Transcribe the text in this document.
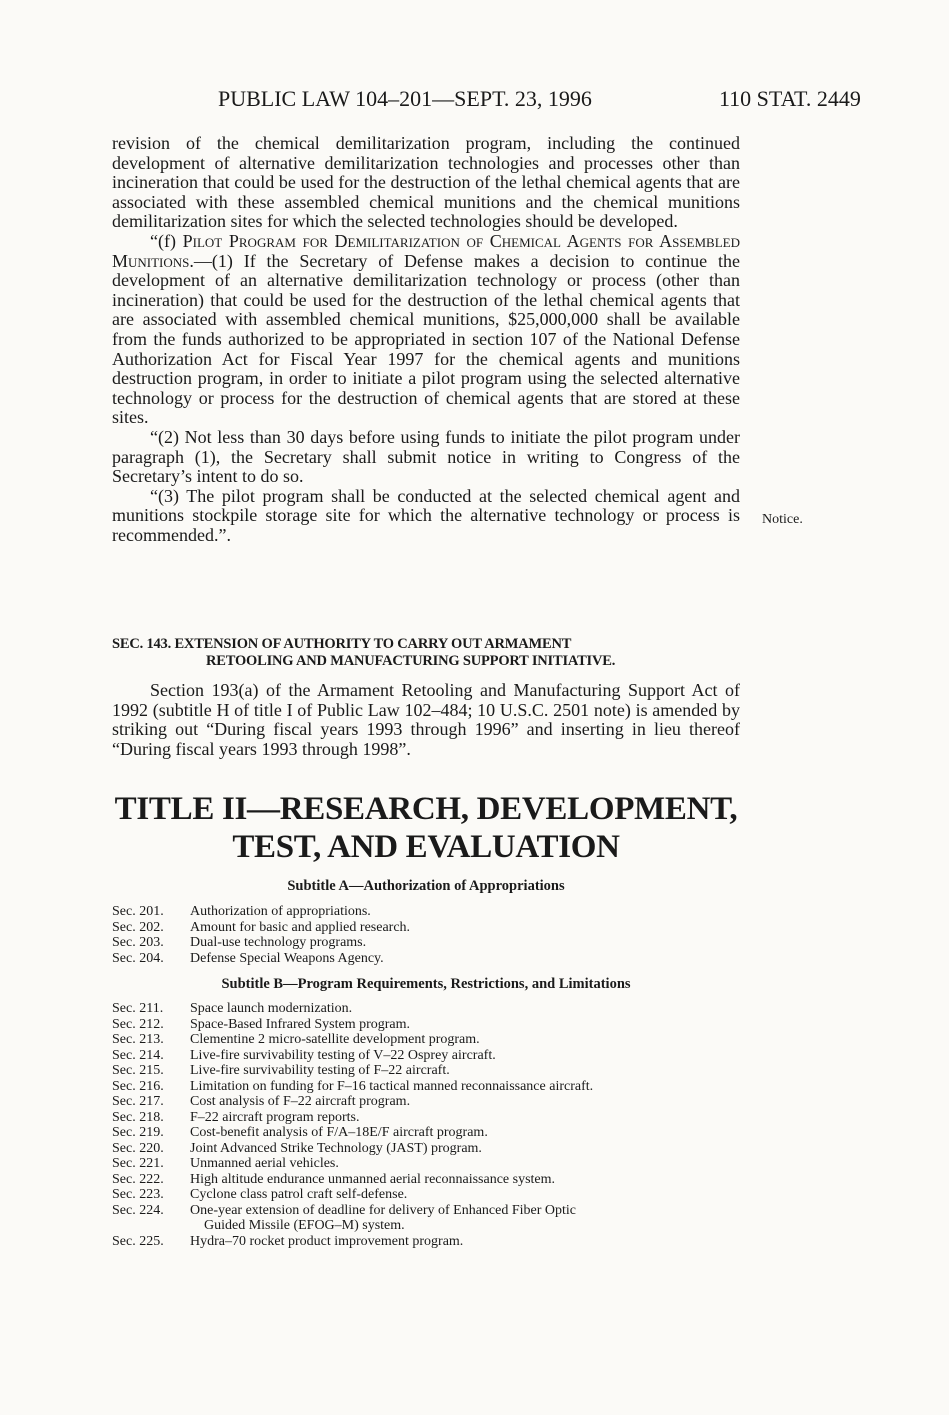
PUBLIC LAW 104–201—SEPT. 23, 1996	110 STAT. 2449

revision of the chemical demilitarization program, including the continued development of alternative demilitarization technologies and processes other than incineration that could be used for the destruction of the lethal chemical agents that are associated with these assembled chemical munitions and the chemical munitions demilitarization sites for which the selected technologies should be developed.

“(f) Pilot Program for Demilitarization of Chemical Agents for Assembled Munitions.—(1) If the Secretary of Defense makes a decision to continue the development of an alternative demilitarization technology or process (other than incineration) that could be used for the destruction of the lethal chemical agents that are associated with assembled chemical munitions, $25,000,000 shall be available from the funds authorized to be appropriated in section 107 of the National Defense Authorization Act for Fiscal Year 1997 for the chemical agents and munitions destruction program, in order to initiate a pilot program using the selected alternative technology or process for the destruction of chemical agents that are stored at these sites.

“(2) Not less than 30 days before using funds to initiate the pilot program under paragraph (1), the Secretary shall submit notice in writing to Congress of the Secretary’s intent to do so.

“(3) The pilot program shall be conducted at the selected chemical agent and munitions stockpile storage site for which the alternative technology or process is recommended.”.

Notice.
SEC. 143. EXTENSION OF AUTHORITY TO CARRY OUT ARMAMENT
RETOOLING AND MANUFACTURING SUPPORT INITIATIVE.

Section 193(a) of the Armament Retooling and Manufacturing Support Act of 1992 (subtitle H of title I of Public Law 102–484; 10 U.S.C. 2501 note) is amended by striking out “During fiscal years 1993 through 1996” and inserting in lieu thereof “During fiscal years 1993 through 1998”.

TITLE II—RESEARCH, DEVELOPMENT,
TEST, AND EVALUATION
Subtitle A—Authorization of Appropriations
Sec. 201.	Authorization of appropriations.
Sec. 202.	Amount for basic and applied research.
Sec. 203.	Dual-use technology programs.
Sec. 204.	Defense Special Weapons Agency.
Subtitle B—Program Requirements, Restrictions, and Limitations
Sec. 211.	Space launch modernization.
Sec. 212.	Space-Based Infrared System program.
Sec. 213.	Clementine 2 micro-satellite development program.
Sec. 214.	Live-fire survivability testing of V–22 Osprey aircraft.
Sec. 215.	Live-fire survivability testing of F–22 aircraft.
Sec. 216.	Limitation on funding for F–16 tactical manned reconnaissance aircraft.
Sec. 217.	Cost analysis of F–22 aircraft program.
Sec. 218.	F–22 aircraft program reports.
Sec. 219.	Cost-benefit analysis of F/A–18E/F aircraft program.
Sec. 220.	Joint Advanced Strike Technology (JAST) program.
Sec. 221.	Unmanned aerial vehicles.
Sec. 222.	High altitude endurance unmanned aerial reconnaissance system.
Sec. 223.	Cyclone class patrol craft self-defense.
Sec. 224.	One-year extension of deadline for delivery of Enhanced Fiber Optic
Guided Missile (EFOG–M) system.
Sec. 225.	Hydra–70 rocket product improvement program.
